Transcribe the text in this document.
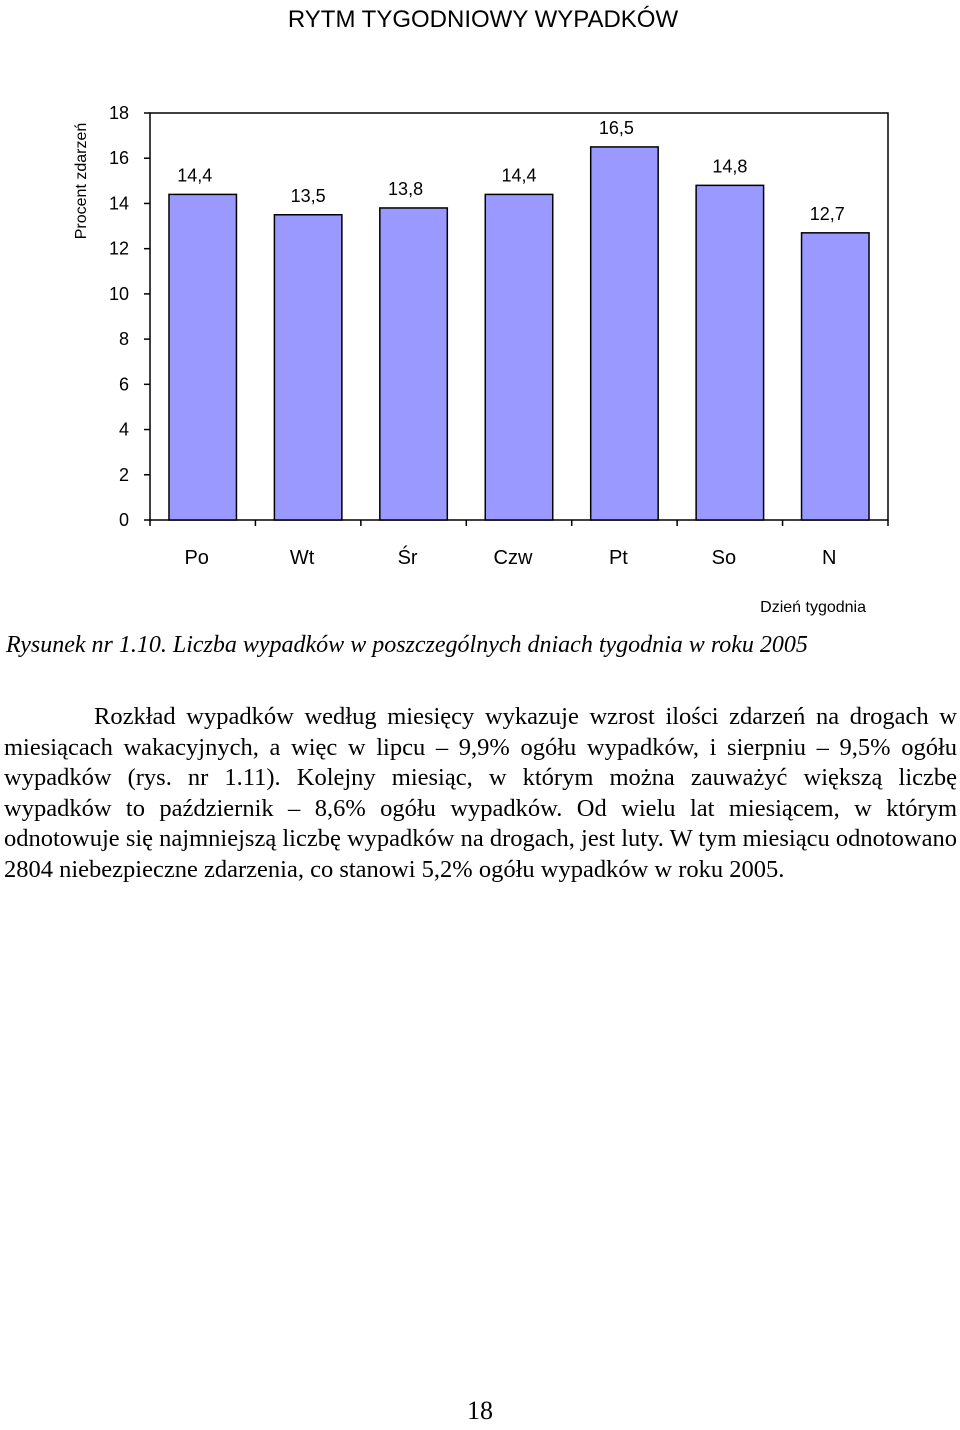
RYTM TYGODNIOWY WYPADKÓW
Procent zdarzeń
Dzień tygodnia
0
2
4
6
8
10
12
14
16
18
14,4
13,5	13,8
14,4
16,5
14,8
12,7
Po	Wt	Śr	Czw	Pt	So	N

Rysunek nr 1.10. Liczba wypadków w poszczególnych dniach tygodnia w roku 2005

Rozkład wypadków według miesięcy wykazuje wzrost ilości zdarzeń na drogach w miesiącach wakacyjnych, a więc w lipcu – 9,9% ogółu wypadków, i sierpniu – 9,5% ogółu wypadków (rys. nr 1.11). Kolejny miesiąc, w którym można zauważyć większą liczbę wypadków to październik – 8,6% ogółu wypadków. Od wielu lat miesiącem, w którym odnotowuje się najmniejszą liczbę wypadków na drogach, jest luty. W tym miesiącu odnotowano 2804 niebezpieczne zdarzenia, co stanowi 5,2% ogółu wypadków w roku 2005.

18
